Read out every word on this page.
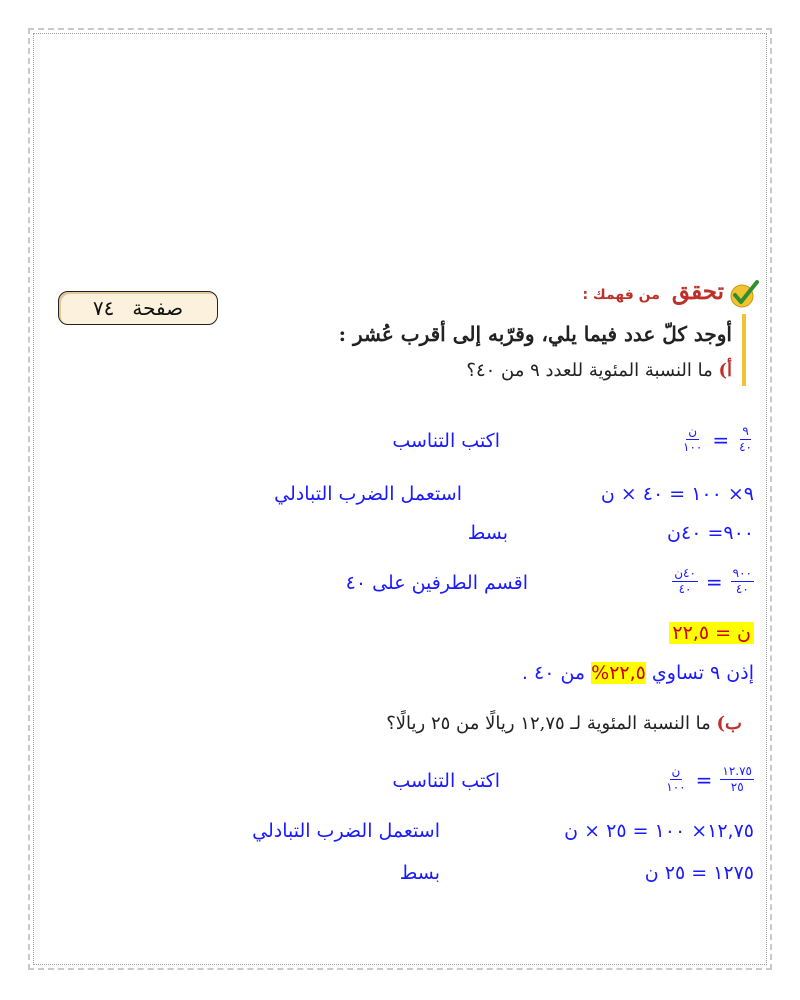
صفحة
٧٤
تحقق من فهمك :
أوجد كلّ عدد فيما يلي، وقرّبه إلى أقرب عُشر :
أ) ما النسبة المئوية للعدد ٩ من ٤٠؟
$\frac{٩}{٤٠}$
=
$\frac{\text{ن}}{١٠٠}$
اكتب التناسب
٩× ١٠٠ = ٤٠ × ن
استعمل الضرب التبادلي
٩٠٠= ٤٠ن
بسط
$\frac{٩٠٠}{٤٠}$
=
$\frac{\text{٤٠ن}}{٤٠}$
اقسم الطرفين على ٤٠
ن = ٢٢,٥
إذن ٩ تساوي ٢٢,٥% من ٤٠ .
ب) ما النسبة المئوية لـ ١٢,٧٥ ريالًا من ٢٥ ريالًا؟
$\frac{١٢.٧٥}{٢٥}$
=
$\frac{\text{ن}}{١٠٠}$
اكتب التناسب
١٢,٧٥× ١٠٠ = ٢٥ × ن
استعمل الضرب التبادلي
١٢٧٥ = ٢٥ ن
بسط
